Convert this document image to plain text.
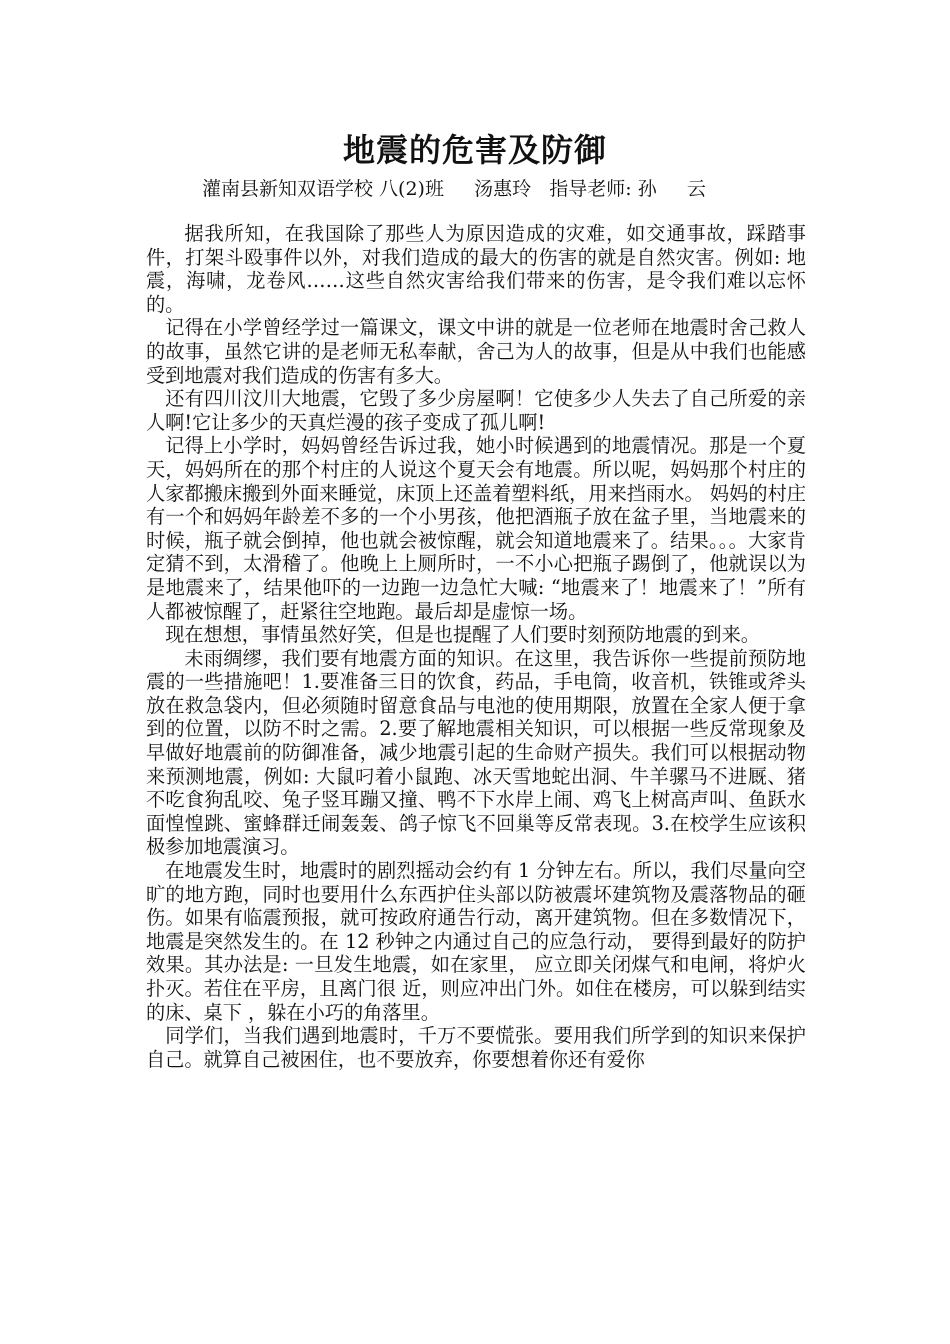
地震的危害及防御
灌南县新知双语学校 八(2)班     汤惠玲   指导老师: 孙     云

据我所知，在我国除了那些人为原因造成的灾难，如交通事故，踩踏事件，打架斗殴事件以外，对我们造成的最大的伤害的就是自然灾害。例如: 地震，海啸，龙卷风……这些自然灾害给我们带来的伤害，是令我们难以忘怀的。

记得在小学曾经学过一篇课文，课文中讲的就是一位老师在地震时舍己救人的故事，虽然它讲的是老师无私奉献，舍己为人的故事，但是从中我们也能感受到地震对我们造成的伤害有多大。

还有四川汶川大地震，它毁了多少房屋啊！它使多少人失去了自己所爱的亲人啊!它让多少的天真烂漫的孩子变成了孤儿啊!

记得上小学时，妈妈曾经告诉过我，她小时候遇到的地震情况。那是一个夏天，妈妈所在的那个村庄的人说这个夏天会有地震。所以呢，妈妈那个村庄的人家都搬床搬到外面来睡觉，床顶上还盖着塑料纸，用来挡雨水。 妈妈的村庄有一个和妈妈年龄差不多的一个小男孩，他把酒瓶子放在盆子里，当地震来的时候，瓶子就会倒掉，他也就会被惊醒，就会知道地震来了。结果。。。大家肯定猜不到，太滑稽了。他晚上上厕所时，一不小心把瓶子踢倒了，他就误以为是地震来了，结果他吓的一边跑一边急忙大喊: “地震来了！地震来了！”所有人都被惊醒了，赶紧往空地跑。最后却是虚惊一场。

现在想想，事情虽然好笑，但是也提醒了人们要时刻预防地震的到来。

未雨绸缪，我们要有地震方面的知识。在这里，我告诉你一些提前预防地震的一些措施吧！1.要准备三日的饮食，药品，手电筒，收音机，铁锥或斧头放在救急袋内，但必须随时留意食品与电池的使用期限，放置在全家人便于拿到的位置，以防不时之需。2.要了解地震相关知识，可以根据一些反常现象及早做好地震前的防御准备，减少地震引起的生命财产损失。我们可以根据动物来预测地震，例如: 大鼠叼着小鼠跑、冰天雪地蛇出洞、牛羊骡马不进厩、猪不吃食狗乱咬、兔子竖耳蹦又撞、鸭不下水岸上闹、鸡飞上树高声叫、鱼跃水面惶惶跳、蜜蜂群迁闹轰轰、鸽子惊飞不回巢等反常表现。3.在校学生应该积极参加地震演习。

在地震发生时，地震时的剧烈摇动会约有 1 分钟左右。所以，我们尽量向空旷的地方跑，同时也要用什么东西护住头部以防被震坏建筑物及震落物品的砸伤。如果有临震预报，就可按政府通告行动，离开建筑物。但在多数情况下，地震是突然发生的。在 12 秒钟之内通过自己的应急行动， 要得到最好的防护效果。其办法是: 一旦发生地震，如在家里， 应立即关闭煤气和电闸，将炉火扑灭。若住在平房，且离门很 近，则应冲出门外。如住在楼房，可以躲到结实的床、桌下 ，躲在小巧的角落里。

同学们，当我们遇到地震时，千万不要慌张。要用我们所学到的知识来保护自己。就算自己被困住，也不要放弃，你要想着你还有爱你
